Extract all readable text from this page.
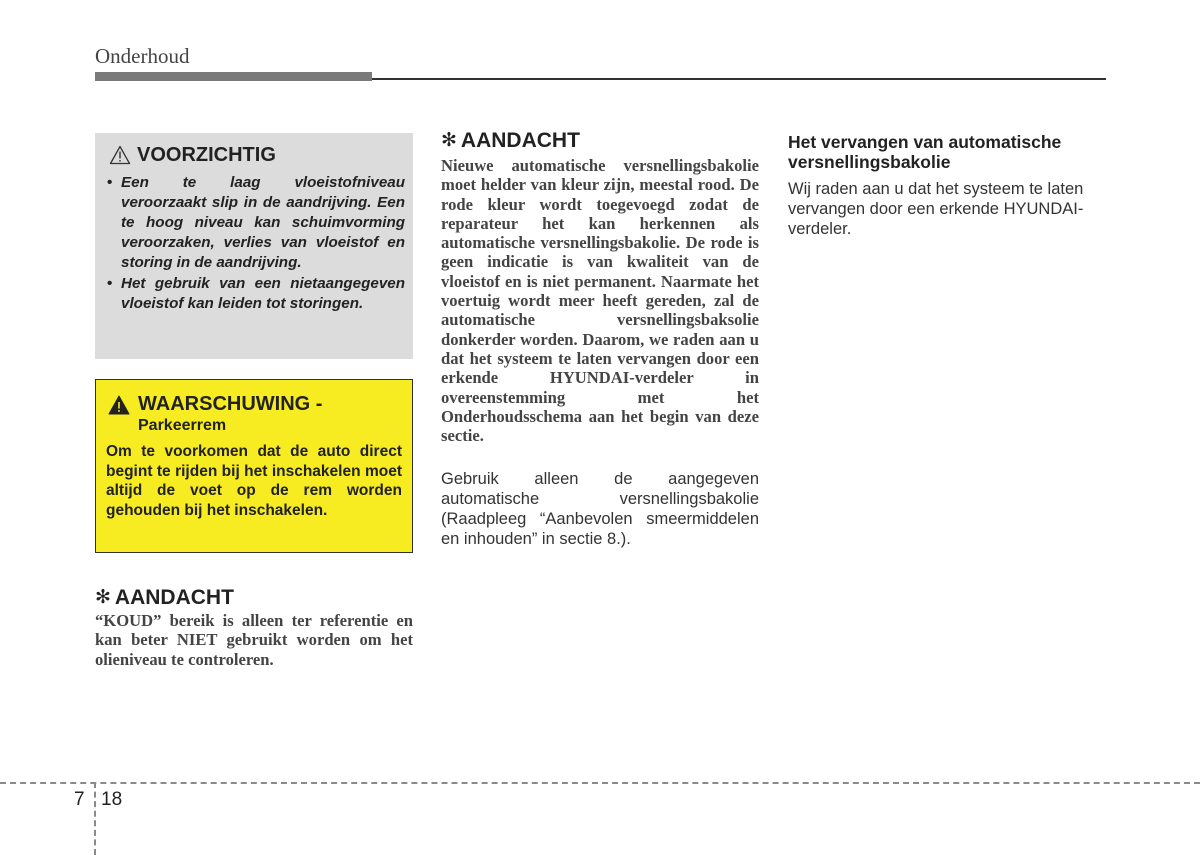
Onderhoud
VOORZICHTIG
• Een te laag vloeistofniveau veroorzaakt slip in de aandrijving. Een te hoog niveau kan schuimvorming veroorzaken, verlies van vloeistof en storing in de aandrijving.
• Het gebruik van een nietaangegeven vloeistof kan leiden tot storingen.
WAARSCHUWING -
Parkeerrem
Om te voorkomen dat de auto direct begint te rijden bij het inschakelen moet altijd de voet op de rem worden gehouden bij het inschakelen.
✻ AANDACHT
“KOUD” bereik is alleen ter referentie en kan beter NIET gebruikt worden om het olieniveau te controleren.
✻ AANDACHT
Nieuwe automatische versnellingsbakolie moet helder van kleur zijn, meestal rood. De rode kleur wordt toegevoegd zodat de reparateur het kan herkennen als automatische versnellingsbakolie. De rode is geen indicatie is van kwaliteit van de vloeistof en is niet permanent. Naarmate het voertuig wordt meer heeft gereden, zal de automatische versnellingsbaksolie donkerder worden. Daarom, we raden aan u dat het systeem te laten vervangen door een erkende HYUNDAI-verdeler in overeenstemming met het Onderhoudsschema aan het begin van deze sectie.
Gebruik alleen de aangegeven automatische versnellingsbakolie (Raadpleeg “Aanbevolen smeermiddelen en inhouden” in sectie 8.).
Het vervangen van automatische versnellingsbakolie
Wij raden aan u dat het systeem te laten vervangen door een erkende HYUNDAI-verdeler.
7 18
